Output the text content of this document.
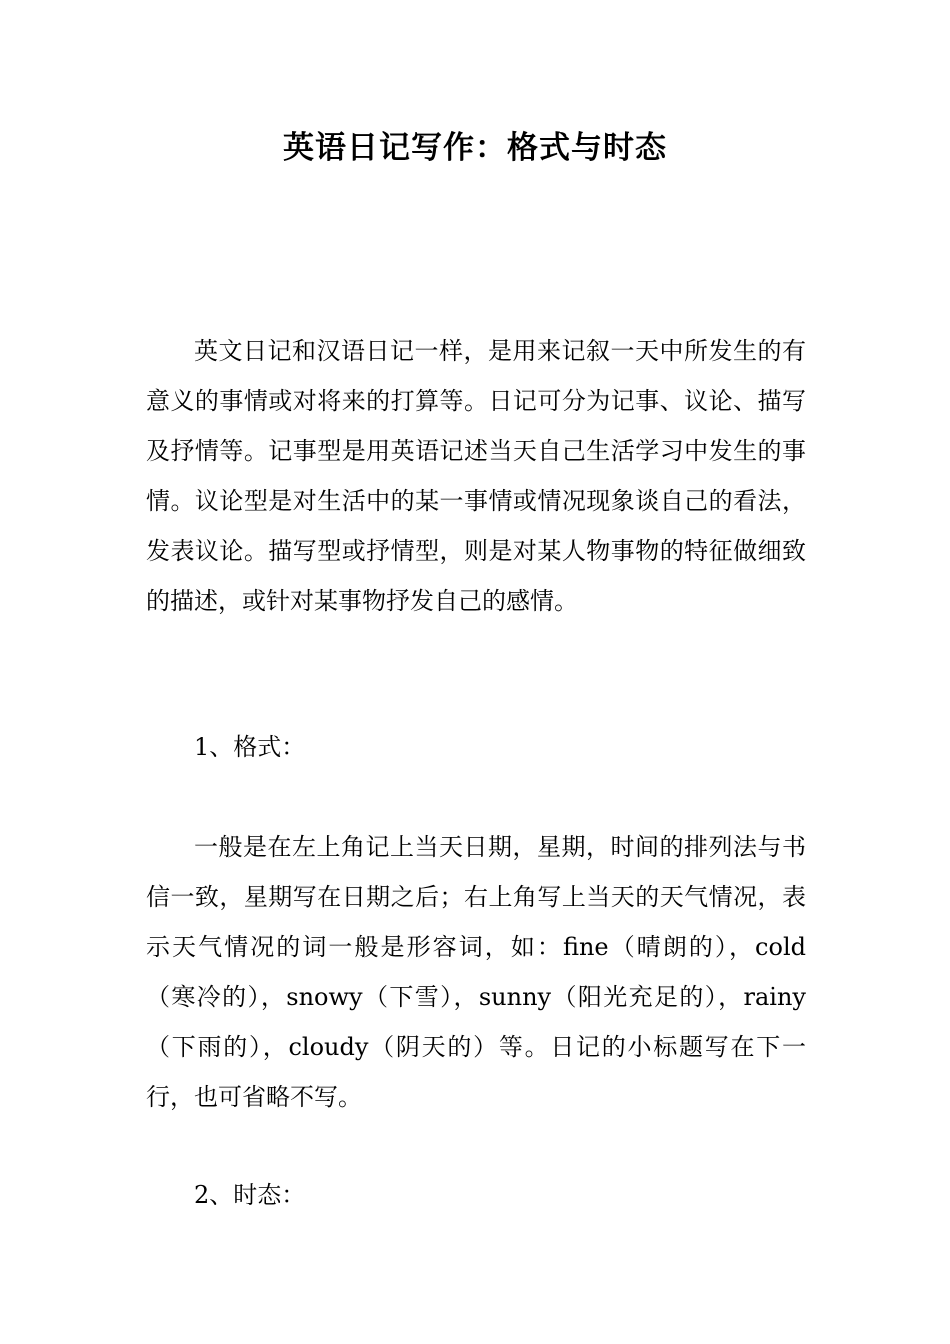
英语日记写作：格式与时态

英文日记和汉语日记一样，是用来记叙一天中所发生的有意义的事情或对将来的打算等。日记可分为记事、议论、描写及抒情等。记事型是用英语记述当天自己生活学习中发生的事情。议论型是对生活中的某一事情或情况现象谈自己的看法，发表议论。描写型或抒情型，则是对某人物事物的特征做细致的描述，或针对某事物抒发自己的感情。

1、格式：

一般是在左上角记上当天日期，星期，时间的排列法与书信一致，星期写在日期之后；右上角写上当天的天气情况，表示天气情况的词一般是形容词，如：fine（晴朗的），cold（寒冷的），snowy（下雪），sunny（阳光充足的），rainy（下雨的），cloudy（阴天的）等。日记的小标题写在下一行，也可省略不写。

2、时态：
